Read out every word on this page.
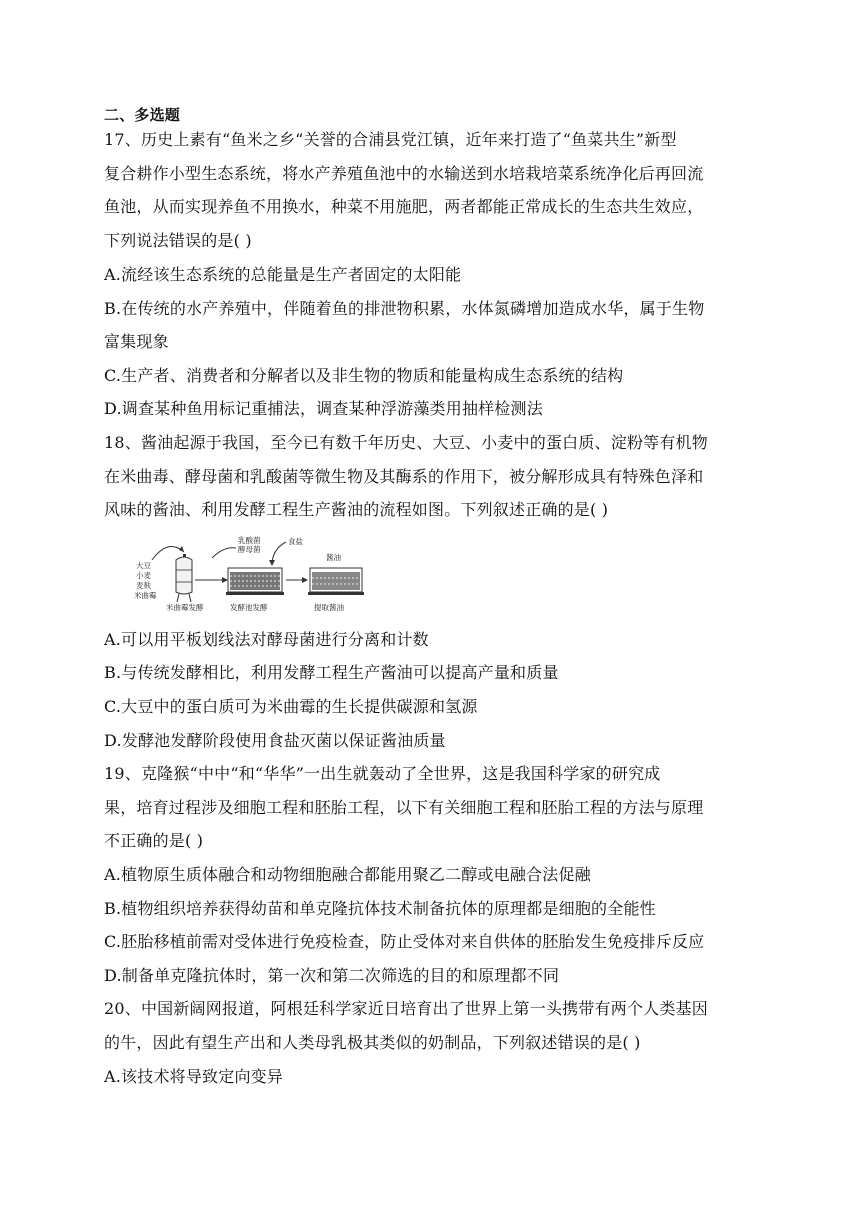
二、多选题
17、历史上素有“鱼米之乡“关誉的合浦县党江镇，近年来打造了“鱼菜共生”新型
复合耕作小型生态系统，将水产养殖鱼池中的水输送到水培栽培菜系统净化后再回流
鱼池，从而实现养鱼不用换水，种菜不用施肥，两者都能正常成长的生态共生效应，
下列说法错误的是( )
A.流经该生态系统的总能量是生产者固定的太阳能
B.在传统的水产养殖中，伴随着鱼的排泄物积累，水体氮磷增加造成水华，属于生物
富集现象
C.生产者、消费者和分解者以及非生物的物质和能量构成生态系统的结构
D.调查某种鱼用标记重捕法，调查某种浮游藻类用抽样检测法
18、酱油起源于我国，至今已有数千年历史、大豆、小麦中的蛋白质、淀粉等有机物
在米曲毒、酵母菌和乳酸菌等微生物及其酶系的作用下，被分解形成具有特殊色泽和
风味的酱油、利用发酵工程生产酱油的流程如图。下列叙述正确的是( )
大豆
小麦
麦麸
米曲霉
乳酸菌
酵母菌
食盐
酱油
米曲霉发酵	发酵池发酵	提取酱油
A.可以用平板划线法对酵母菌进行分离和计数
B.与传统发酵相比，利用发酵工程生产酱油可以提高产量和质量
C.大豆中的蛋白质可为米曲霉的生长提供碳源和氢源
D.发酵池发酵阶段使用食盐灭菌以保证酱油质量
19、克隆猴“中中“和“华华”一出生就轰动了全世界，这是我国科学家的研究成
果，培育过程涉及细胞工程和胚胎工程，以下有关细胞工程和胚胎工程的方法与原理
不正确的是( )
A.植物原生质体融合和动物细胞融合都能用聚乙二醇或电融合法促融
B.植物组织培养获得幼苗和单克隆抗体技术制备抗体的原理都是细胞的全能性
C.胚胎移植前需对受体进行免疫检查，防止受体对来自供体的胚胎发生免疫排斥反应
D.制备单克隆抗体时，第一次和第二次筛选的目的和原理都不同
20、中国新阔网报道，阿根廷科学家近日培育出了世界上第一头携带有两个人类基因
的牛，因此有望生产出和人类母乳极其类似的奶制品，下列叙述错误的是( )
A.该技术将导致定向变异
